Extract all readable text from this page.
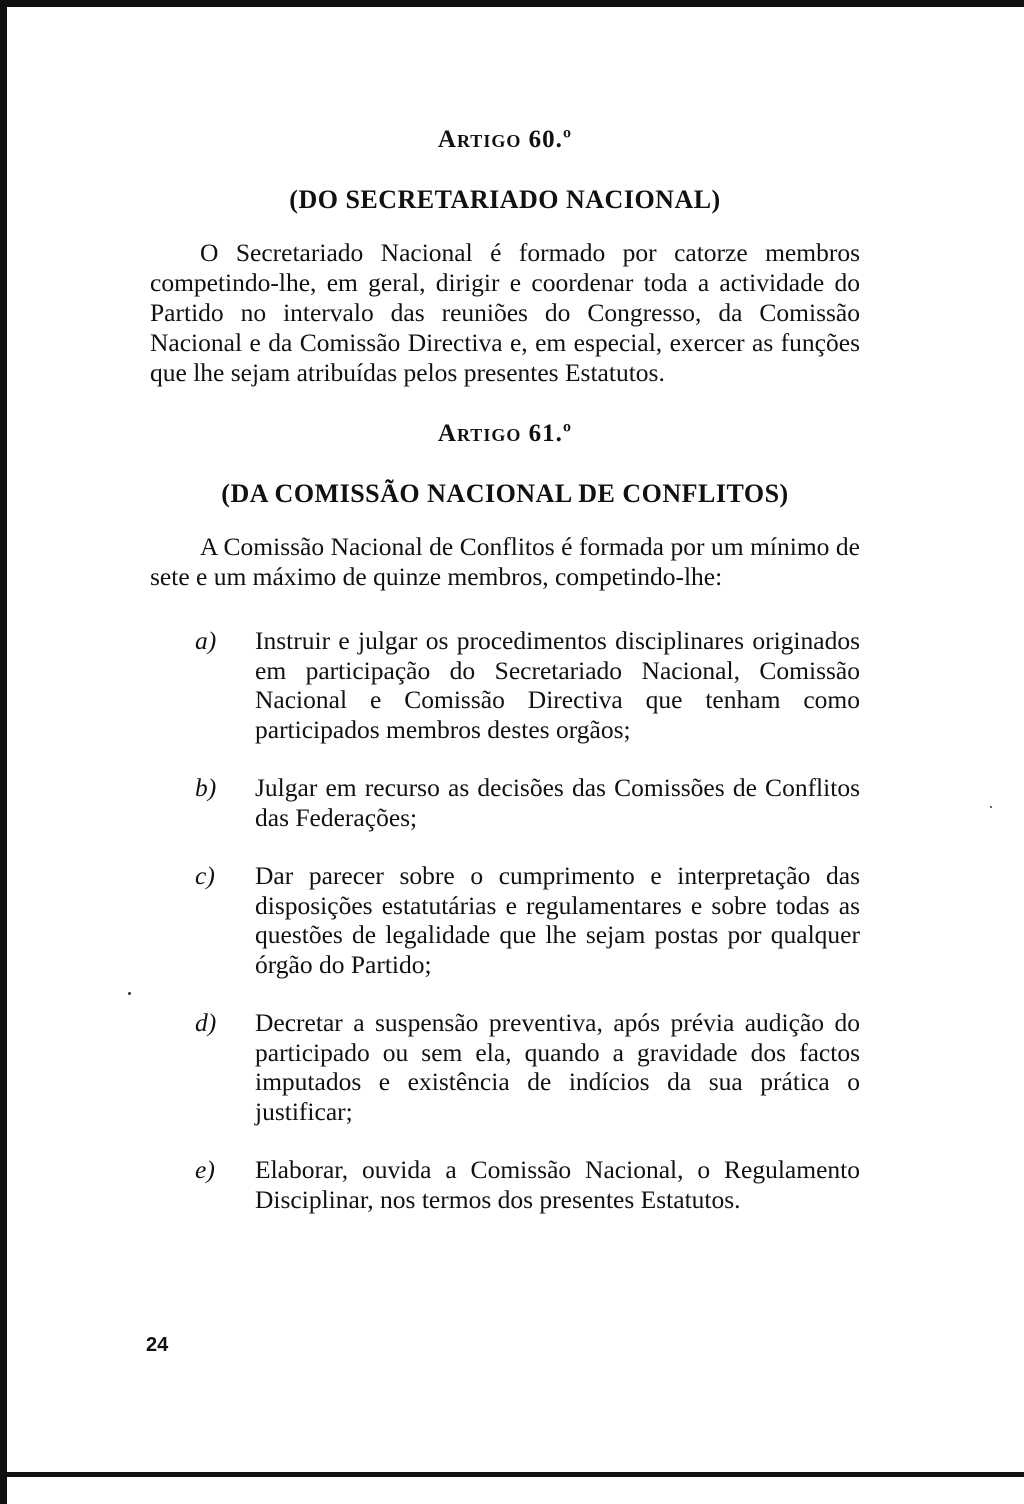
Artigo 60.º
(DO SECRETARIADO NACIONAL)

O Secretariado Nacional é formado por catorze membros competindo-lhe, em geral, dirigir e coordenar toda a actividade do Partido no intervalo das reuniões do Congresso, da Comissão Nacional e da Comissão Directiva e, em especial, exercer as funções que lhe sejam atribuídas pelos presentes Estatutos.

Artigo 61.º
(DA COMISSÃO NACIONAL DE CONFLITOS)

A Comissão Nacional de Conflitos é formada por um mínimo de sete e um máximo de quinze membros, competindo-lhe:

a) Instruir e julgar os procedimentos disciplinares originados em participação do Secretariado Nacional, Comissão Nacional e Comissão Directiva que tenham como participados membros destes orgãos;
b) Julgar em recurso as decisões das Comissões de Conflitos das Federações;
c) Dar parecer sobre o cumprimento e interpretação das disposições estatutárias e regulamentares e sobre todas as questões de legalidade que lhe sejam postas por qualquer órgão do Partido;
d) Decretar a suspensão preventiva, após prévia audição do participado ou sem ela, quando a gravidade dos factos imputados e existência de indícios da sua prática o justificar;
e) Elaborar, ouvida a Comissão Nacional, o Regulamento Disciplinar, nos termos dos presentes Estatutos.
24
